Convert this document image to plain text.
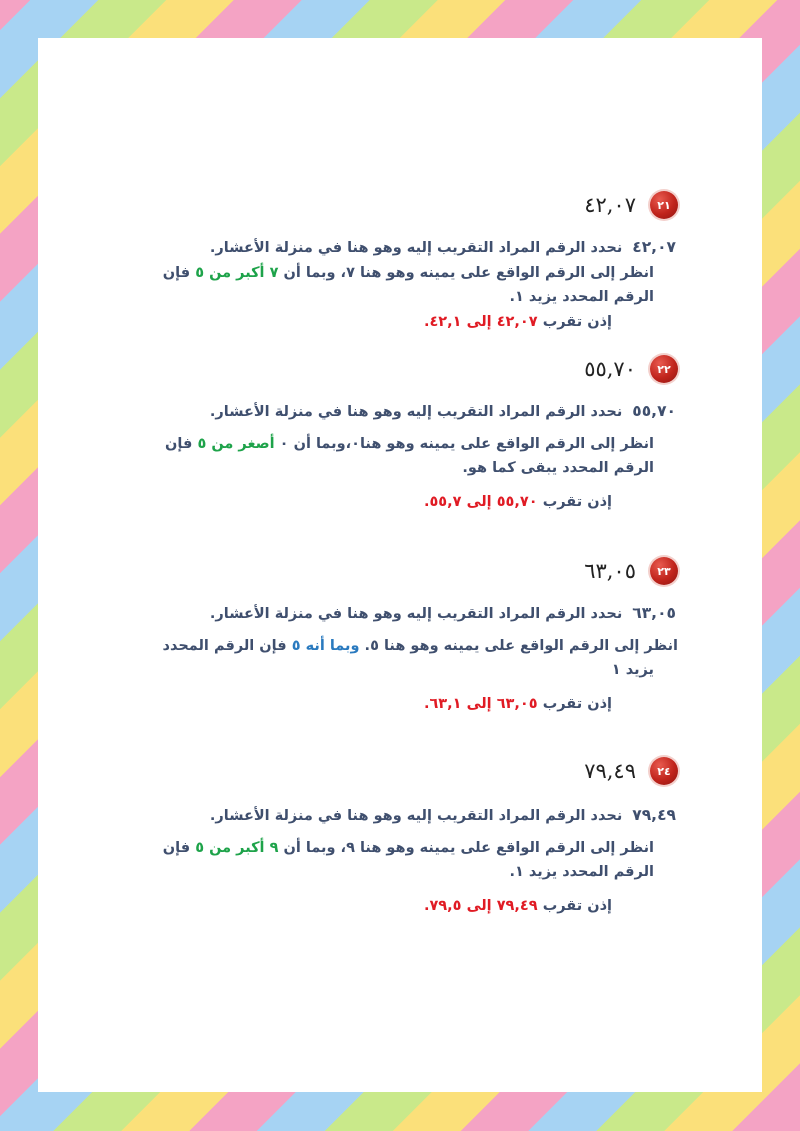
٢١
٤٢,٠٧
٤٢,٠٧نحدد الرقم المراد التقريب إليه وهو هنا في منزلة الأعشار.
انظر إلى الرقم الواقع على يمينه وهو هنا ٧، وبما أن ٧ أكبر من ٥ فإن
الرقم المحدد يزيد ١.
إذن تقرب ٤٢,٠٧ إلى ٤٢,١.
٢٢
٥٥,٧٠
٥٥,٧٠نحدد الرقم المراد التقريب إليه وهو هنا في منزلة الأعشار.
انظر إلى الرقم الواقع على يمينه وهو هنا٠،وبما أن ٠ أصغر من ٥ فإن
الرقم المحدد يبقى كما هو.
إذن تقرب ٥٥,٧٠ إلى ٥٥,٧.
٢٣
٦٣,٠٥
٦٣,٠٥نحدد الرقم المراد التقريب إليه وهو هنا في منزلة الأعشار.
انظر إلى الرقم الواقع على يمينه وهو هنا ٥. وبما أنه ٥ فإن الرقم المحدد
يزيد ١
إذن تقرب ٦٣,٠٥ إلى ٦٣,١.
٢٤
٧٩,٤٩
٧٩,٤٩نحدد الرقم المراد التقريب إليه وهو هنا في منزلة الأعشار.
انظر إلى الرقم الواقع على يمينه وهو هنا ٩، وبما أن ٩ أكبر من ٥ فإن
الرقم المحدد يزيد ١.
إذن تقرب ٧٩,٤٩ إلى ٧٩,٥.
